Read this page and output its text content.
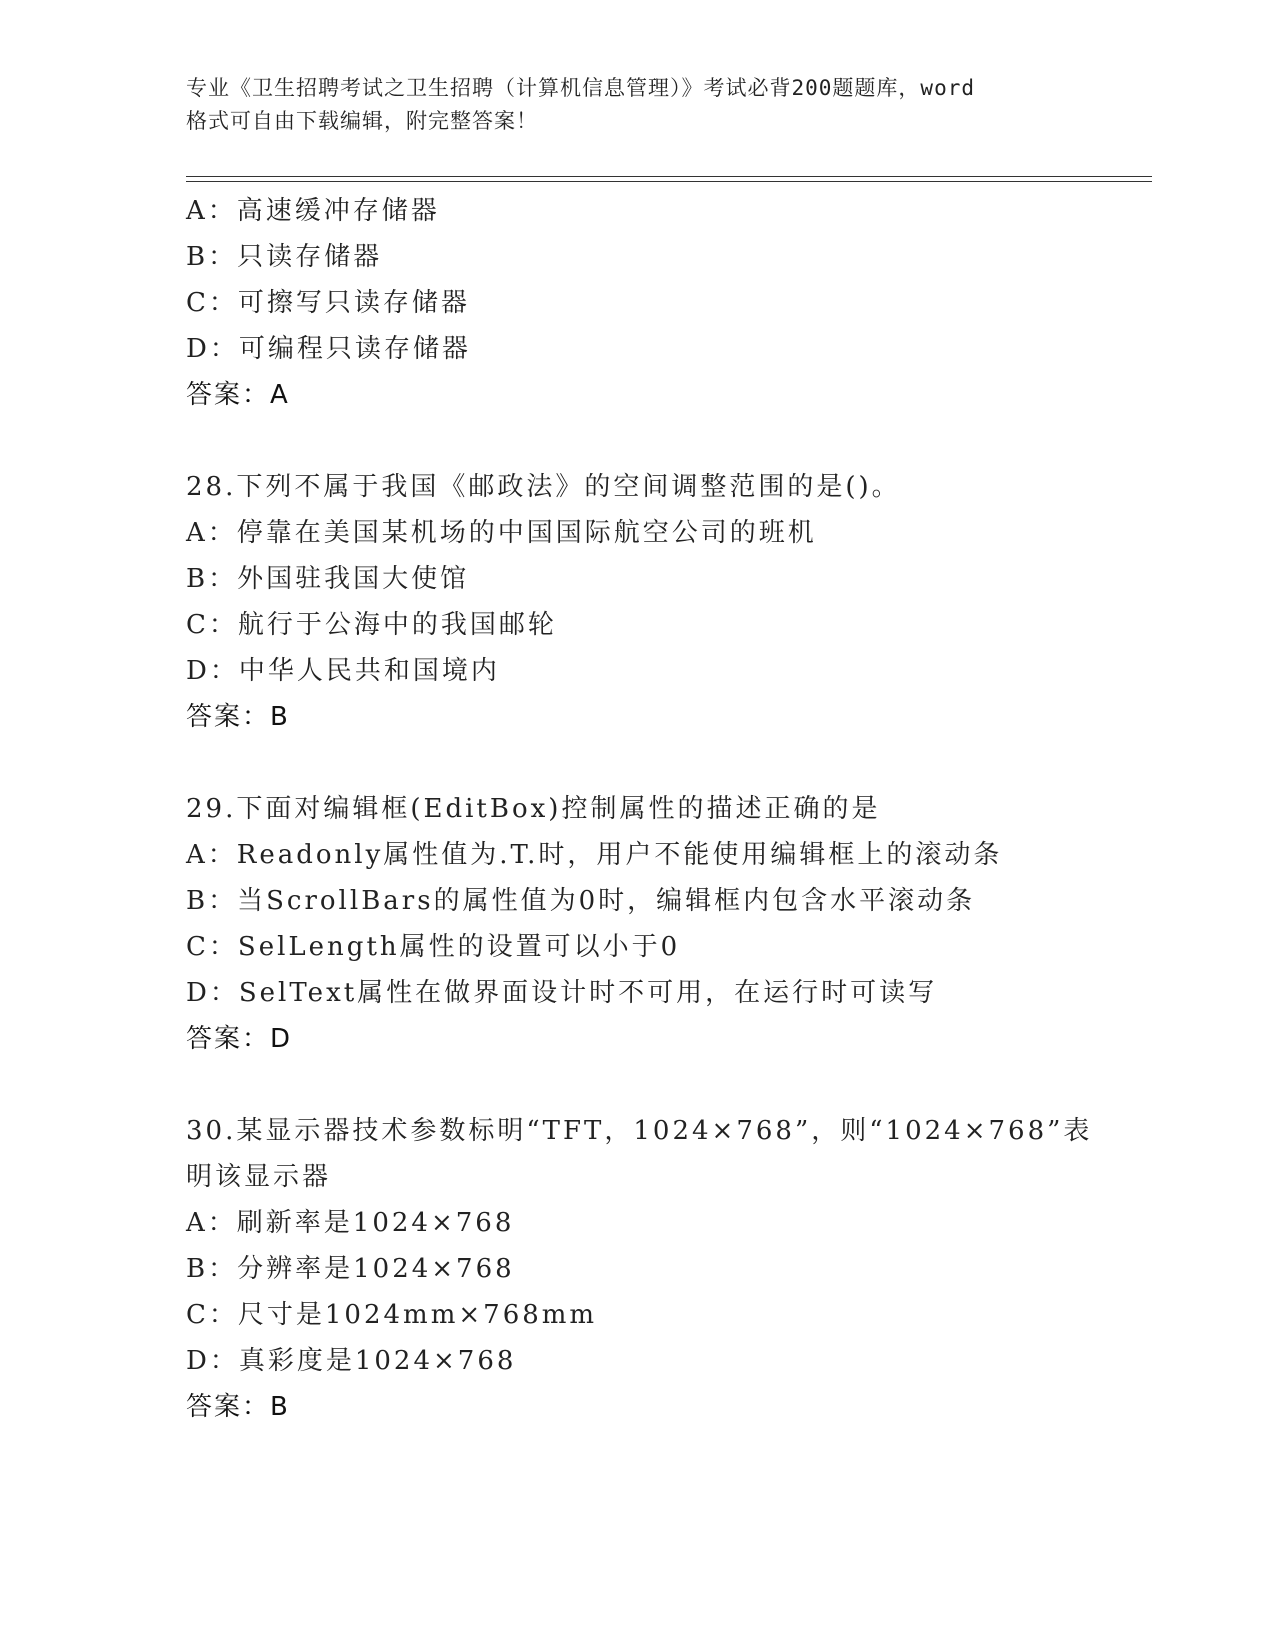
专业《卫生招聘考试之卫生招聘（计算机信息管理）》考试必背200题题库，word
格式可自由下载编辑，附完整答案！
A：高速缓冲存储器
B：只读存储器
C：可擦写只读存储器
D：可编程只读存储器
答案：A
28.下列不属于我国《邮政法》的空间调整范围的是()。
A：停靠在美国某机场的中国国际航空公司的班机
B：外国驻我国大使馆
C：航行于公海中的我国邮轮
D：中华人民共和国境内
答案：B
29.下面对编辑框(EditBox)控制属性的描述正确的是
A：Readonly属性值为.T.时，用户不能使用编辑框上的滚动条
B：当ScrollBars的属性值为0时，编辑框内包含水平滚动条
C：SelLength属性的设置可以小于0
D：SelText属性在做界面设计时不可用，在运行时可读写
答案：D
30.某显示器技术参数标明“TFT，1024×768”，则“1024×768”表
明该显示器
A：刷新率是1024×768
B：分辨率是1024×768
C：尺寸是1024mm×768mm
D：真彩度是1024×768
答案：B
